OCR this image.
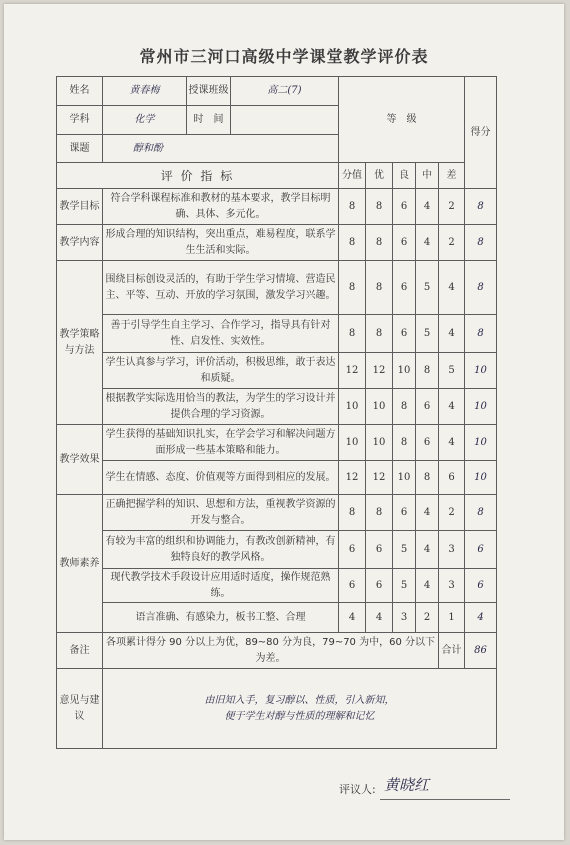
常州市三河口高级中学课堂教学评价表
姓名	黄春梅	授课班级	高二(7)	等　级					得分
学科	化学	时　 间							
课题	醇和酚								
评 价 指 标				分值	优	良	中	差	
教学目标	符合学科课程标准和教材的基本要求，教学目标明确、具体、多元化。			8	8	6	4	2	8
教学内容	形成合理的知识结构，突出重点，难易程度，联系学生生活和实际。			8	8	6	4	2	8
教学策略与方法	围绕目标创设灵活的，有助于学生学习情境、营造民主、平等、互动、开放的学习氛围，激发学习兴趣。			8	8	6	5	4	8
	善于引导学生自主学习、合作学习，指导具有针对性、启发性、实效性。			8	8	6	5	4	8
	学生认真参与学习，评价活动，积极思维，敢于表达和质疑。			12	12	10	8	5	10
	根据教学实际选用恰当的教法，为学生的学习设计并提供合理的学习资源。			10	10	8	6	4	10
教学效果	学生获得的基础知识扎实，在学会学习和解决问题方面形成一些基本策略和能力。			10	10	8	6	4	10
	学生在情感、态度、价值观等方面得到相应的发展。			12	12	10	8	6	10
教师素养	正确把握学科的知识、思想和方法，重视教学资源的开发与整合。			8	8	6	4	2	8
	有较为丰富的组织和协调能力，有教改创新精神，有独特良好的教学风格。			6	6	5	4	3	6
	现代教学技术手段设计应用适时适度，操作规范熟练。			6	6	5	4	3	6
	语言准确、有感染力，板书工整、合理			4	4	3	2	1	4
备注	各项累计得分 90 分以上为优，89~80 分为良，79~70 为中，60 分以下为差。							合计	86
意见与建议	由旧知入手，复习醇以、性质，引入新知，
便于学生对醇与性质的理解和记忆								
评议人: 黄晓红
